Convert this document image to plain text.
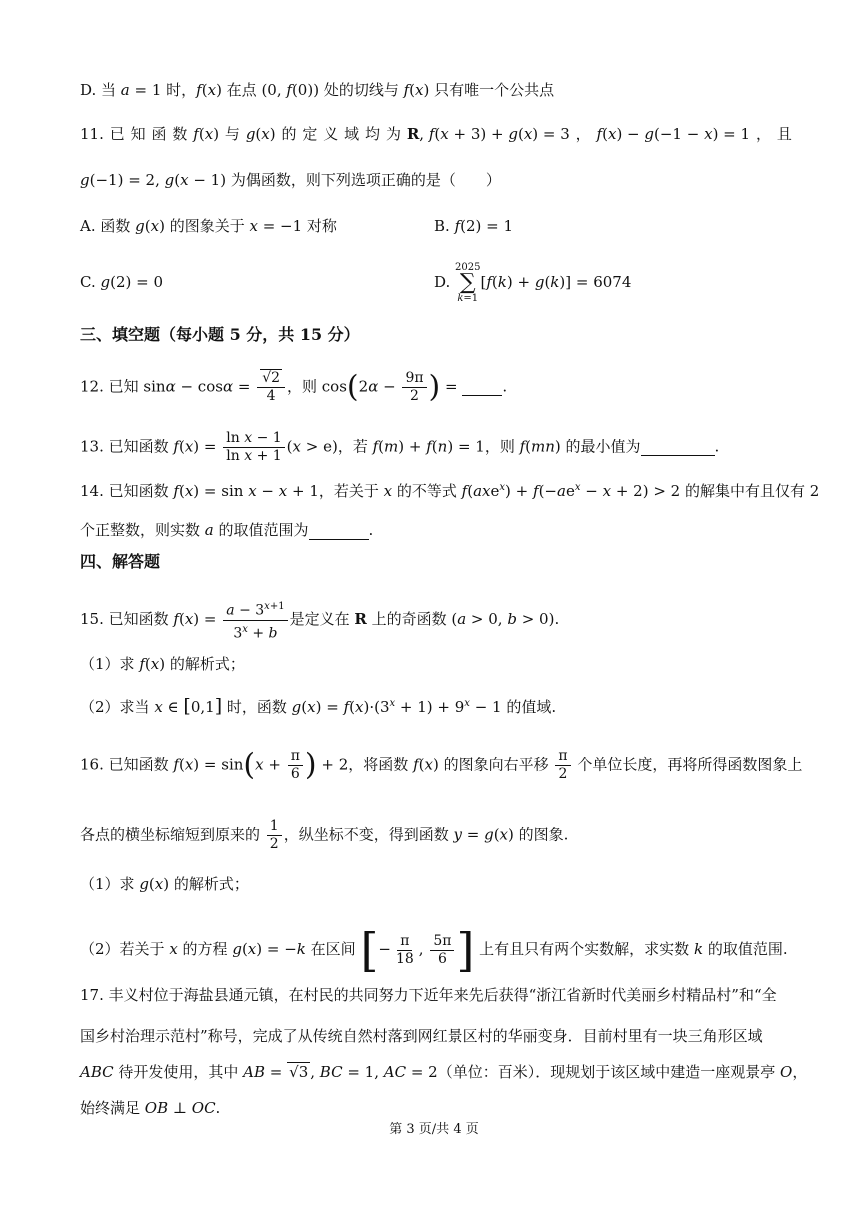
D. 当 a = 1 时，f(x) 在点 (0, f(0)) 处的切线与 f(x) 只有唯一个公共点
11. 已 知 函 数 f(x) 与 g(x) 的 定 义 域 均 为 R, f(x + 3) + g(x) = 3 ， f(x) − g(−1 − x) = 1 ， 且
g(−1) = 2, g(x − 1) 为偶函数，则下列选项正确的是（　　）
A. 函数 g(x) 的图象关于 x = −1 对称	B. f(2) = 1
C. g(2) = 0	D.
2025
∑
k=1
[f(k) + g(k)] = 6074
三、填空题（每小题 5 分，共 15 分）
12. 已知 $\sin\alpha - \cos\alpha = \frac{√2}{4}$ ，则 $\cos(2\alpha - \frac{9\pi}{2}$ ) =	.
13. 已知函数 $f(x) = \frac{\text{ln x − 1}}{\text{ln x + 1}} (x > e)$，若 f(m) + f(n) = 1，则 f(mn) 的最小值为	.
14. 已知函数 f(x) = sin x − x + 1，若关于 x 的不等式 $f(axe^x) + f(-ae^x - x + 2) > 2$ 的解集中有且仅有 2
个正整数，则实数 a 的取值范围为	.
四、解答题
15. 已知函数 $f(x) = \frac{a - 3^{x+1}}{3^x + b}$ 是定义在 R 上的奇函数 (a > 0, b > 0).
（1）求 f(x) 的解析式；
（2）求当 x ∈ [0,1] 时，函数 $g(x) = f(x)\cdot(3^x + 1) + 9^x - 1$ 的值域.
16. 已知函数 $f(x) = \sin(x + \frac{\pi}{6}$ ) + 2，将函数 f(x) 的图象向右平移 $\frac{\pi}{2}$ 个单位长度，再将所得函数图象上
各点的横坐标缩短到原来的 $\frac{1}{2}$ ，纵坐标不变，得到函数 y = g(x) 的图象.
（1）求 g(x) 的解析式；
（2）若关于 x 的方程 g(x) = −k 在区间 [− $\frac{\pi}{18}$ , $\frac{5\pi}{6}$ ] 上有且只有两个实数解，求实数 k 的取值范围.
17. 丰义村位于海盐县通元镇，在村民的共同努力下近年来先后获得“浙江省新时代美丽乡村精品村”和“全
国乡村治理示范村”称号，完成了从传统自然村落到网红景区村的华丽变身．目前村里有一块三角形区域
ABC 待开发使用，其中 AB = √3 , BC = 1, AC = 2（单位：百米）．现规划于该区域中建造一座观景亭 O，
始终满足 OB ⊥ OC.
第 3 页/共 4 页
